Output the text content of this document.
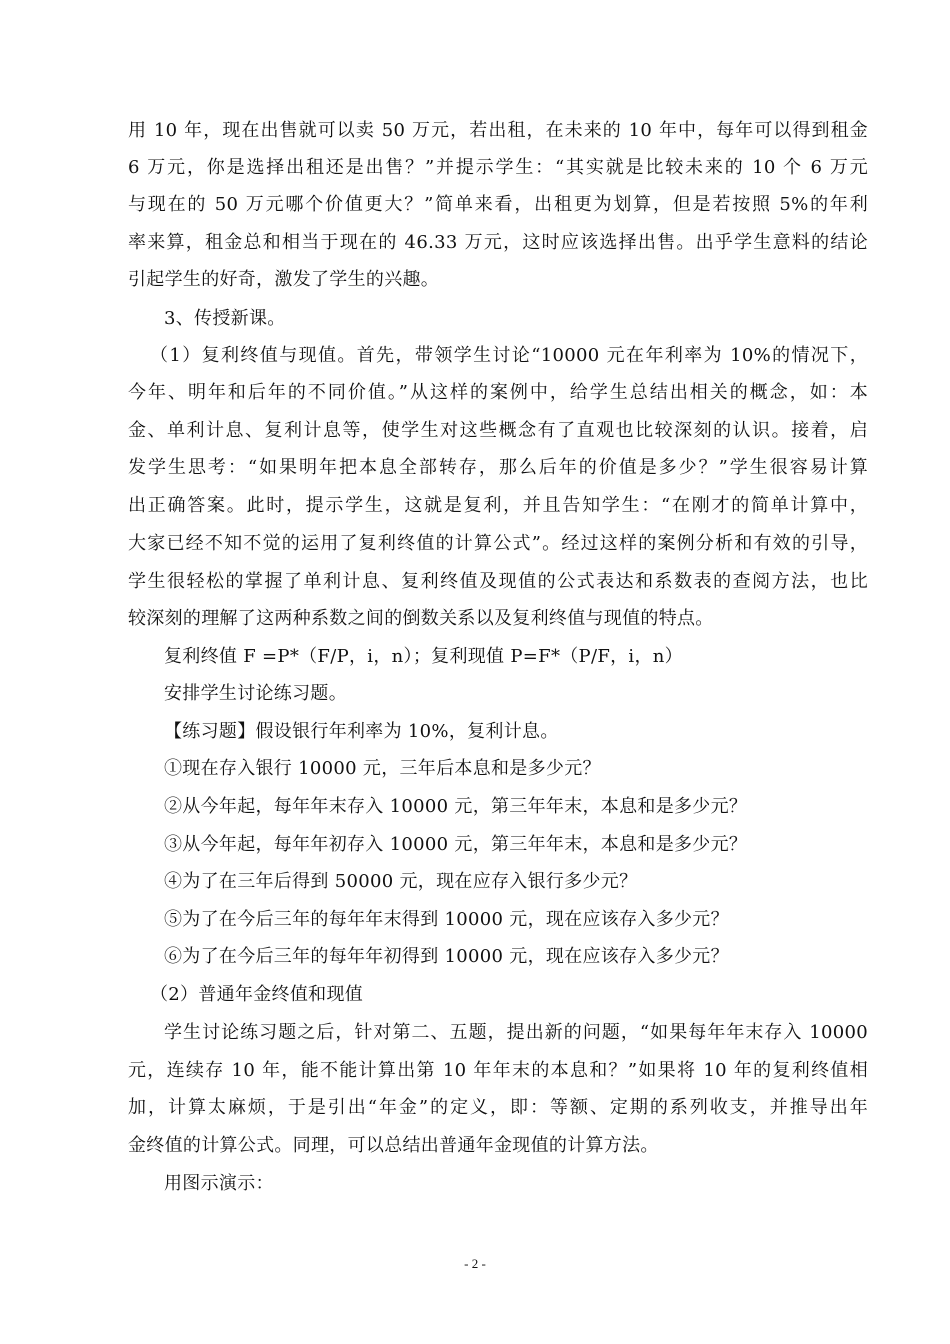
用 10 年，现在出售就可以卖 50 万元，若出租，在未来的 10 年中，每年可以得到租金
6 万元，你是选择出租还是出售？”并提示学生：“其实就是比较未来的 10 个 6 万元
与现在的 50 万元哪个价值更大？”简单来看，出租更为划算，但是若按照 5%的年利
率来算，租金总和相当于现在的 46.33 万元，这时应该选择出售。出乎学生意料的结论
引起学生的好奇，激发了学生的兴趣。
3、传授新课。
（1）复利终值与现值。首先，带领学生讨论“10000 元在年利率为 10%的情况下，
今年、明年和后年的不同价值。”从这样的案例中，给学生总结出相关的概念，如：本
金、单利计息、复利计息等，使学生对这些概念有了直观也比较深刻的认识。接着，启
发学生思考：“如果明年把本息全部转存，那么后年的价值是多少？”学生很容易计算
出正确答案。此时，提示学生，这就是复利，并且告知学生：“在刚才的简单计算中，
大家已经不知不觉的运用了复利终值的计算公式”。经过这样的案例分析和有效的引导，
学生很轻松的掌握了单利计息、复利终值及现值的公式表达和系数表的查阅方法，也比
较深刻的理解了这两种系数之间的倒数关系以及复利终值与现值的特点。
复利终值 F =P*（F/P，i，n）；复利现值 P=F*（P/F，i，n）
安排学生讨论练习题。
【练习题】假设银行年利率为 10%，复利计息。
①现在存入银行 10000 元，三年后本息和是多少元？
②从今年起，每年年末存入 10000 元，第三年年末，本息和是多少元？
③从今年起，每年年初存入 10000 元，第三年年末，本息和是多少元？
④为了在三年后得到 50000 元，现在应存入银行多少元？
⑤为了在今后三年的每年年末得到 10000 元，现在应该存入多少元？
⑥为了在今后三年的每年年初得到 10000 元，现在应该存入多少元？
（2）普通年金终值和现值
学生讨论练习题之后，针对第二、五题，提出新的问题，“如果每年年末存入 10000
元，连续存 10 年，能不能计算出第 10 年年末的本息和？”如果将 10 年的复利终值相
加，计算太麻烦，于是引出“年金”的定义，即：等额、定期的系列收支，并推导出年
金终值的计算公式。同理，可以总结出普通年金现值的计算方法。
用图示演示：
- 2 -
